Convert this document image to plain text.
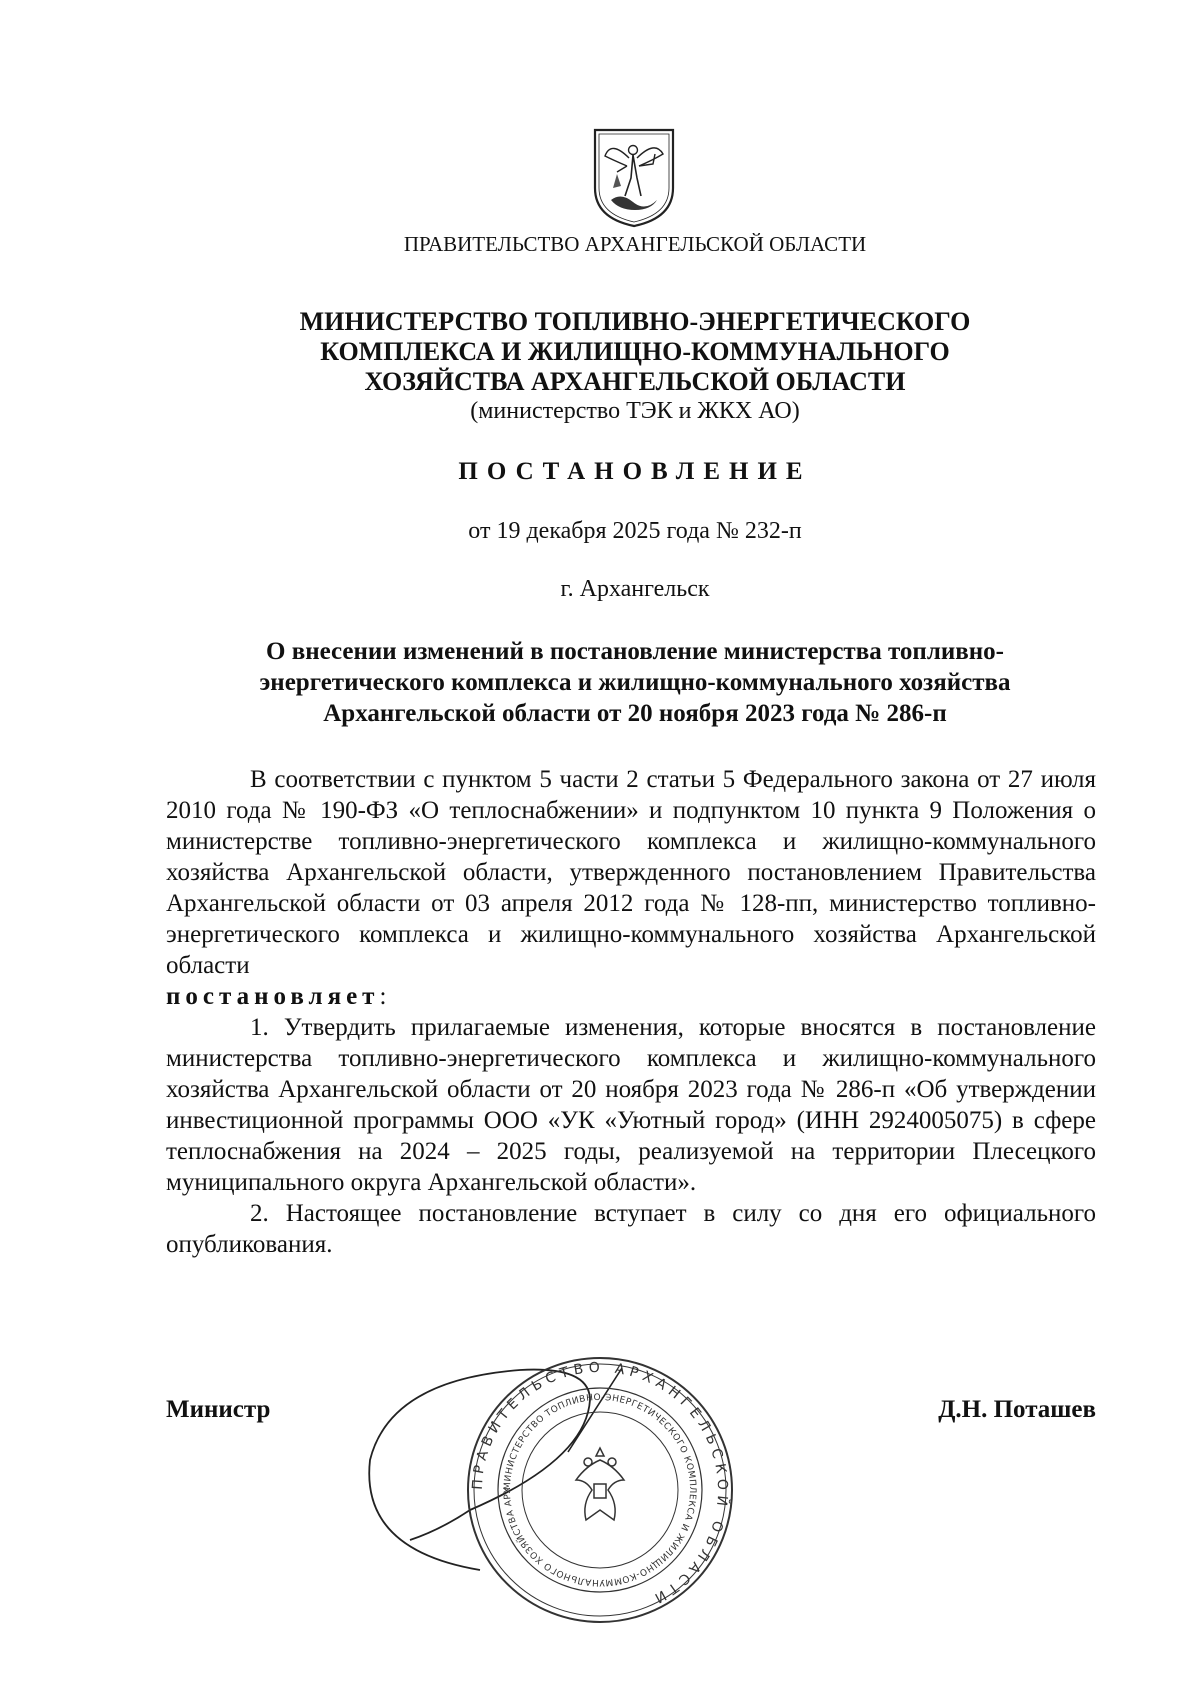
ПРАВИТЕЛЬСТВО АРХАНГЕЛЬСКОЙ ОБЛАСТИ
МИНИСТЕРСТВО ТОПЛИВНО-ЭНЕРГЕТИЧЕСКОГО
КОМПЛЕКСА И ЖИЛИЩНО-КОММУНАЛЬНОГО
ХОЗЯЙСТВА АРХАНГЕЛЬСКОЙ ОБЛАСТИ
(министерство ТЭК и ЖКХ АО)
ПОСТАНОВЛЕНИЕ
от 19 декабря 2025 года № 232-п
г. Архангельск
О внесении изменений в постановление министерства топливно-
энергетического комплекса и жилищно-коммунального хозяйства
Архангельской области от 20 ноября 2023 года № 286-п

В соответствии с пунктом 5 части 2 статьи 5 Федерального закона от 27 июля 2010 года № 190-ФЗ «О теплоснабжении» и подпунктом 10 пункта 9 Положения о министерстве топливно-энергетического комплекса и жилищно-коммунального хозяйства Архангельской области, утвержденного постановлением Правительства Архангельской области от 03 апреля 2012 года № 128-пп, министерство топливно-энергетического комплекса и жилищно-коммунального хозяйства Архангельской области

постановляет:

1. Утвердить прилагаемые изменения, которые вносятся в постановление министерства топливно-энергетического комплекса и жилищно-коммунального хозяйства Архангельской области от 20 ноября 2023 года № 286-п «Об утверждении инвестиционной программы ООО «УК «Уютный город» (ИНН 2924005075) в сфере теплоснабжения на 2024 – 2025 годы, реализуемой на территории Плесецкого муниципального округа Архангельской области».

2. Настоящее постановление вступает в силу со дня его официального опубликования.

Министр	Д.Н. Поташев
ПРАВИТЕЛЬСТВО АРХАНГЕЛЬСКОЙ ОБЛАСТИ
МИНИСТЕРСТВО ТОПЛИВНО-ЭНЕРГЕТИЧЕСКОГО КОМПЛЕКСА И ЖИЛИЩНО-КОММУНАЛЬНОГО ХОЗЯЙСТВА АРХ
